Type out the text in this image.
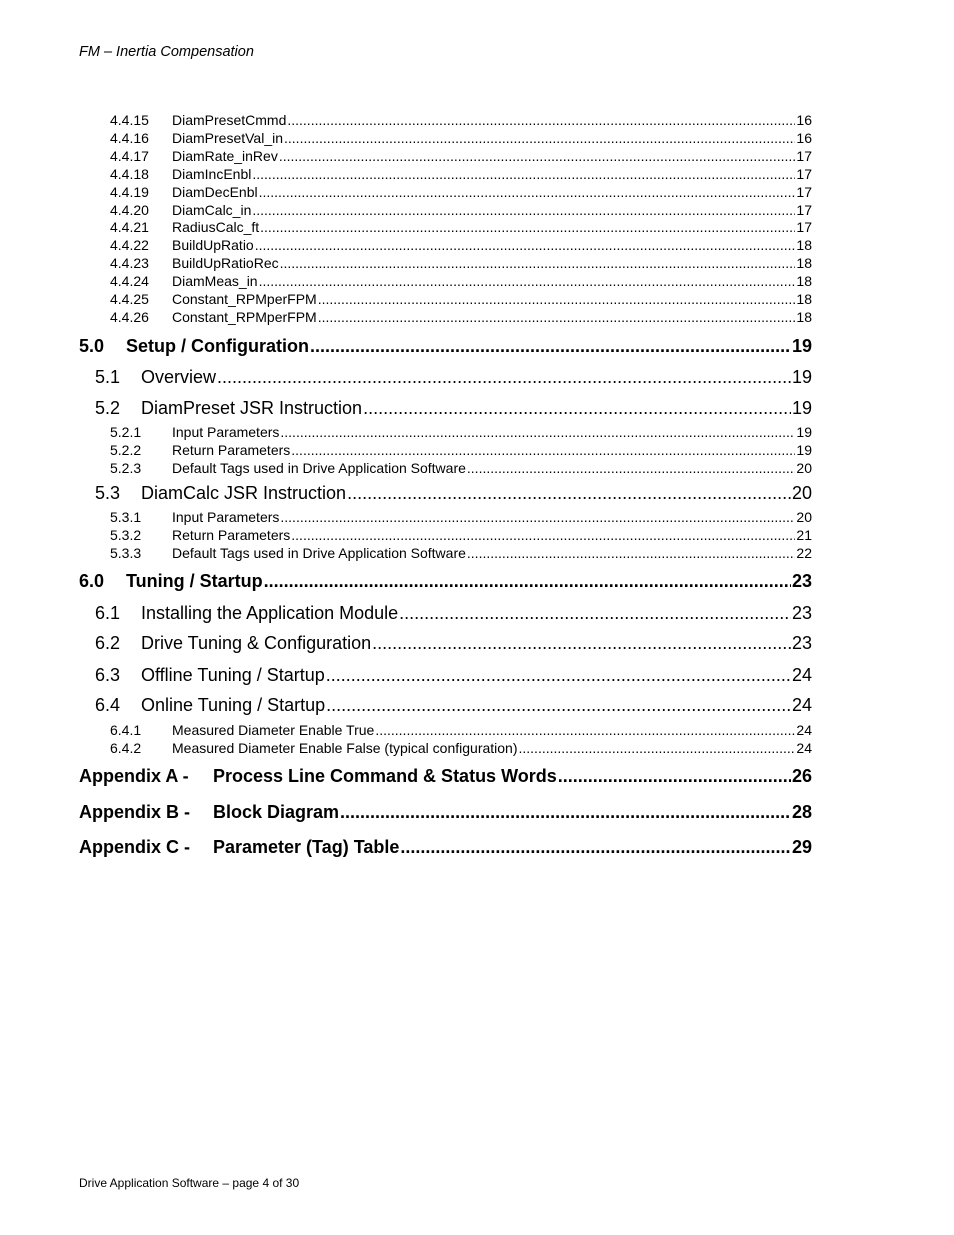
FM – Inertia Compensation
4.4.15	DiamPresetCmmd .....	16
4.4.16	DiamPresetVal_in .....	16
4.4.17	DiamRate_inRev .....	17
4.4.18	DiamIncEnbl .....	17
4.4.19	DiamDecEnbl .....	17
4.4.20	DiamCalc_in .....	17
4.4.21	RadiusCalc_ft .....	17
4.4.22	BuildUpRatio .....	18
4.4.23	BuildUpRatioRec .....	18
4.4.24	DiamMeas_in .....	18
4.4.25	Constant_RPMperFPM .....	18
4.4.26	Constant_RPMperFPM .....	18
5.0	Setup / Configuration .....	19
5.1	Overview .....	19
5.2	DiamPreset JSR Instruction .....	19
5.2.1	Input Parameters .....	19
5.2.2	Return Parameters .....	19
5.2.3	Default Tags used in Drive Application Software .....	20
5.3	DiamCalc JSR Instruction .....	20
5.3.1	Input Parameters .....	20
5.3.2	Return Parameters .....	21
5.3.3	Default Tags used in Drive Application Software .....	22
6.0	Tuning / Startup .....	23
6.1	Installing the Application Module .....	23
6.2	Drive Tuning & Configuration .....	23
6.3	Offline Tuning / Startup .....	24
6.4	Online Tuning / Startup .....	24
6.4.1	Measured Diameter Enable True .....	24
6.4.2	Measured Diameter Enable False (typical configuration) .....	24
Appendix A -	Process Line Command & Status Words .....	26
Appendix B -	Block Diagram .....	28
Appendix C -	Parameter (Tag) Table .....	29
Drive Application Software – page 4 of 30
